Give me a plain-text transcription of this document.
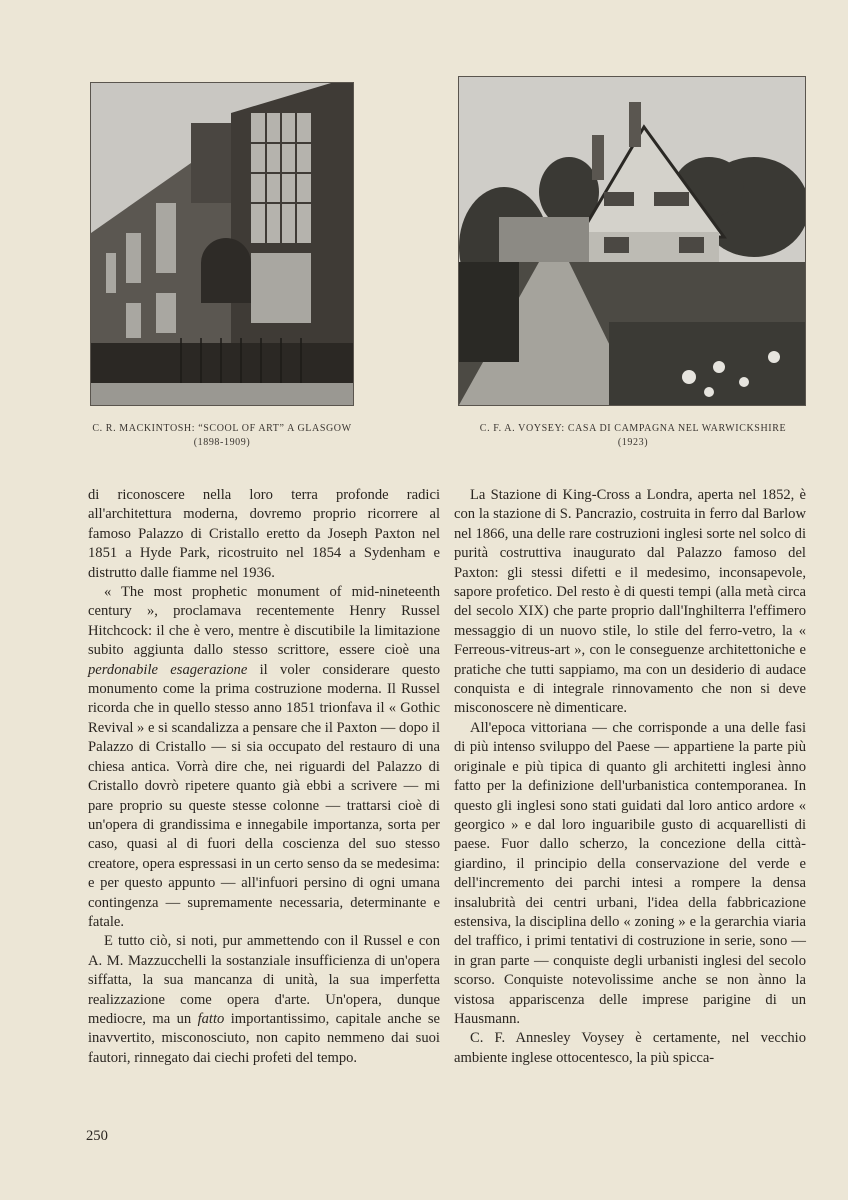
C. R. MACKINTOSH: “SCOOL OF ART” A GLASGOW
(1898-1909)
C. F. A. VOYSEY: CASA DI CAMPAGNA NEL WARWICKSHIRE
(1923)

di riconoscere nella loro terra profonde radici all'architettura moderna, dovremo proprio ricorrere al famoso Palazzo di Cristallo eretto da Joseph Paxton nel 1851 a Hyde Park, ricostruito nel 1854 a Sydenham e distrutto dalle fiamme nel 1936.

« The most prophetic monument of mid-nineteenth century », proclamava recentemente Henry Russel Hitchcock: il che è vero, mentre è discutibile la limitazione subito aggiunta dallo stesso scrittore, essere cioè una perdonabile esagerazione il voler considerare questo monumento come la prima costruzione moderna. Il Russel ricorda che in quello stesso anno 1851 trionfava il « Gothic Revival » e si scandalizza a pensare che il Paxton — dopo il Palazzo di Cristallo — si sia occupato del restauro di una chiesa antica. Vorrà dire che, nei riguardi del Palazzo di Cristallo dovrò ripetere quanto già ebbi a scrivere — mi pare proprio su queste stesse colonne — trattarsi cioè di un'opera di grandissima e innegabile importanza, sorta per caso, quasi al di fuori della coscienza del suo stesso creatore, opera espressasi in un certo senso da se medesima: e per questo appunto — all'infuori persino di ogni umana contingenza — supremamente necessaria, determinante e fatale.

E tutto ciò, si noti, pur ammettendo con il Russel e con A. M. Mazzucchelli la sostanziale insufficienza di un'opera siffatta, la sua mancanza di unità, la sua imperfetta realizzazione come opera d'arte. Un'opera, dunque mediocre, ma un fatto importantissimo, capitale anche se inavvertito, misconosciuto, non capito nemmeno dai suoi fautori, rinnegato dai ciechi profeti del tempo.

La Stazione di King-Cross a Londra, aperta nel 1852, è con la stazione di S. Pancrazio, costruita in ferro dal Barlow nel 1866, una delle rare costruzioni inglesi sorte nel solco di purità costruttiva inaugurato dal Palazzo famoso del Paxton: gli stessi difetti e il medesimo, inconsapevole, sapore profetico. Del resto è di questi tempi (alla metà circa del secolo XIX) che parte proprio dall'Inghilterra l'effimero messaggio di un nuovo stile, lo stile del ferro-vetro, la « Ferreous-vitreus-art », con le conseguenze architettoniche e pratiche che tutti sappiamo, ma con un desiderio di audace conquista e di integrale rinnovamento che non si deve misconoscere nè dimenticare.

All'epoca vittoriana — che corrisponde a una delle fasi di più intenso sviluppo del Paese — appartiene la parte più originale e più tipica di quanto gli architetti inglesi ànno fatto per la definizione dell'urbanistica contemporanea. In questo gli inglesi sono stati guidati dal loro antico ardore « georgico » e dal loro inguaribile gusto di acquarellisti di paese. Fuor dallo scherzo, la concezione della città-giardino, il principio della conservazione del verde e dell'incremento dei parchi intesi a rompere la densa insalubrità dei centri urbani, l'idea della fabbricazione estensiva, la disciplina dello « zoning » e la gerarchia viaria del traffico, i primi tentativi di costruzione in serie, sono — in gran parte — conquiste degli urbanisti inglesi del secolo scorso. Conquiste notevolissime anche se non ànno la vistosa appariscenza delle imprese parigine di un Hausmann.

C. F. Annesley Voysey è certamente, nel vecchio ambiente inglese ottocentesco, la più spicca-

250
